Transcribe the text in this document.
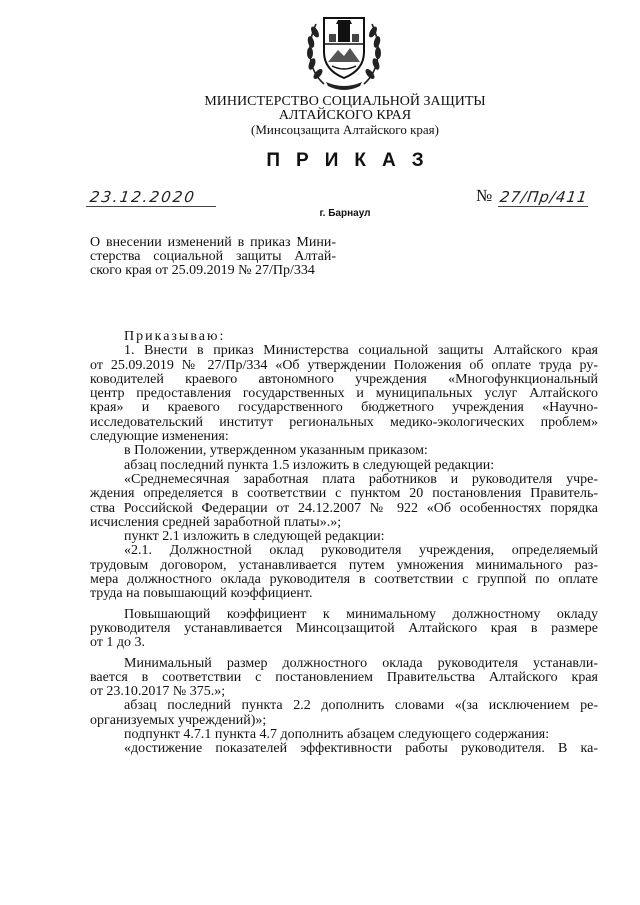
МИНИСТЕРСТВО СОЦИАЛЬНОЙ ЗАЩИТЫ
АЛТАЙСКОГО КРАЯ
(Минсоцзащита Алтайского края)
ПРИКАЗ
23.12.2020	№ 27/Пр/411
г. Барнаул
О внесении изменений в приказ Мини-
стерства социальной защиты Алтай-
ского края от 25.09.2019 № 27/Пр/334
Приказываю:
1. Внести в приказ Министерства социальной защиты Алтайского края
от 25.09.2019 № 27/Пр/334 «Об утверждении Положения об оплате труда ру-
ководителей краевого автономного учреждения «Многофункциональный
центр предоставления государственных и муниципальных услуг Алтайского
края» и краевого государственного бюджетного учреждения «Научно-
исследовательский институт региональных медико-экологических проблем»
следующие изменения:
в Положении, утвержденном указанным приказом:
абзац последний пункта 1.5 изложить в следующей редакции:
«Среднемесячная заработная плата работников и руководителя учре-
ждения определяется в соответствии с пунктом 20 постановления Правитель-
ства Российской Федерации от 24.12.2007 № 922 «Об особенностях порядка
исчисления средней заработной платы».»;
пункт 2.1 изложить в следующей редакции:
«2.1. Должностной оклад руководителя учреждения, определяемый
трудовым договором, устанавливается путем умножения минимального раз-
мера должностного оклада руководителя в соответствии с группой по оплате
труда на повышающий коэффициент.
Повышающий коэффициент к минимальному должностному окладу
руководителя устанавливается Минсоцзащитой Алтайского края в размере
от 1 до 3.
Минимальный размер должностного оклада руководителя устанавли-
вается в соответствии с постановлением Правительства Алтайского края
от 23.10.2017 № 375.»;
абзац последний пункта 2.2 дополнить словами «(за исключением ре-
организуемых учреждений)»;
подпункт 4.7.1 пункта 4.7 дополнить абзацем следующего содержания:
«достижение показателей эффективности работы руководителя. В ка-
